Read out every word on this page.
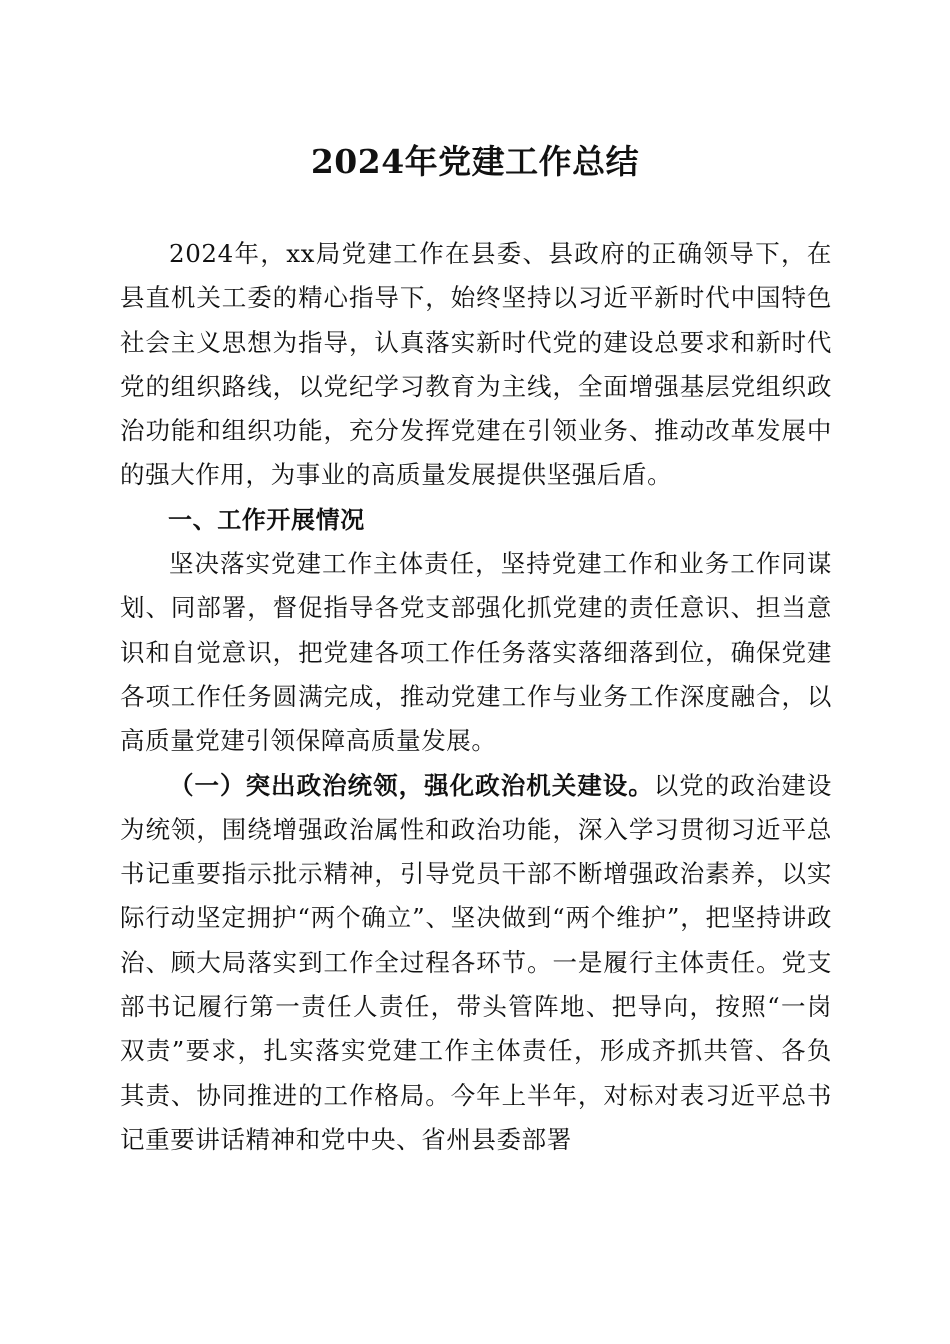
2024年党建工作总结

2024年，xx局党建工作在县委、县政府的正确领导下，在县直机关工委的精心指导下，始终坚持以习近平新时代中国特色社会主义思想为指导，认真落实新时代党的建设总要求和新时代党的组织路线，以党纪学习教育为主线，全面增强基层党组织政治功能和组织功能，充分发挥党建在引领业务、推动改革发展中的强大作用，为事业的高质量发展提供坚强后盾。

一、工作开展情况

坚决落实党建工作主体责任，坚持党建工作和业务工作同谋划、同部署，督促指导各党支部强化抓党建的责任意识、担当意识和自觉意识，把党建各项工作任务落实落细落到位，确保党建各项工作任务圆满完成，推动党建工作与业务工作深度融合，以高质量党建引领保障高质量发展。

（一）突出政治统领，强化政治机关建设。以党的政治建设为统领，围绕增强政治属性和政治功能，深入学习贯彻习近平总书记重要指示批示精神，引导党员干部不断增强政治素养，以实际行动坚定拥护“两个确立”、坚决做到“两个维护”，把坚持讲政治、顾大局落实到工作全过程各环节。一是履行主体责任。党支部书记履行第一责任人责任，带头管阵地、把导向，按照“一岗双责”要求，扎实落实党建工作主体责任，形成齐抓共管、各负其责、协同推进的工作格局。今年上半年，对标对表习近平总书记重要讲话精神和党中央、省州县委部署
